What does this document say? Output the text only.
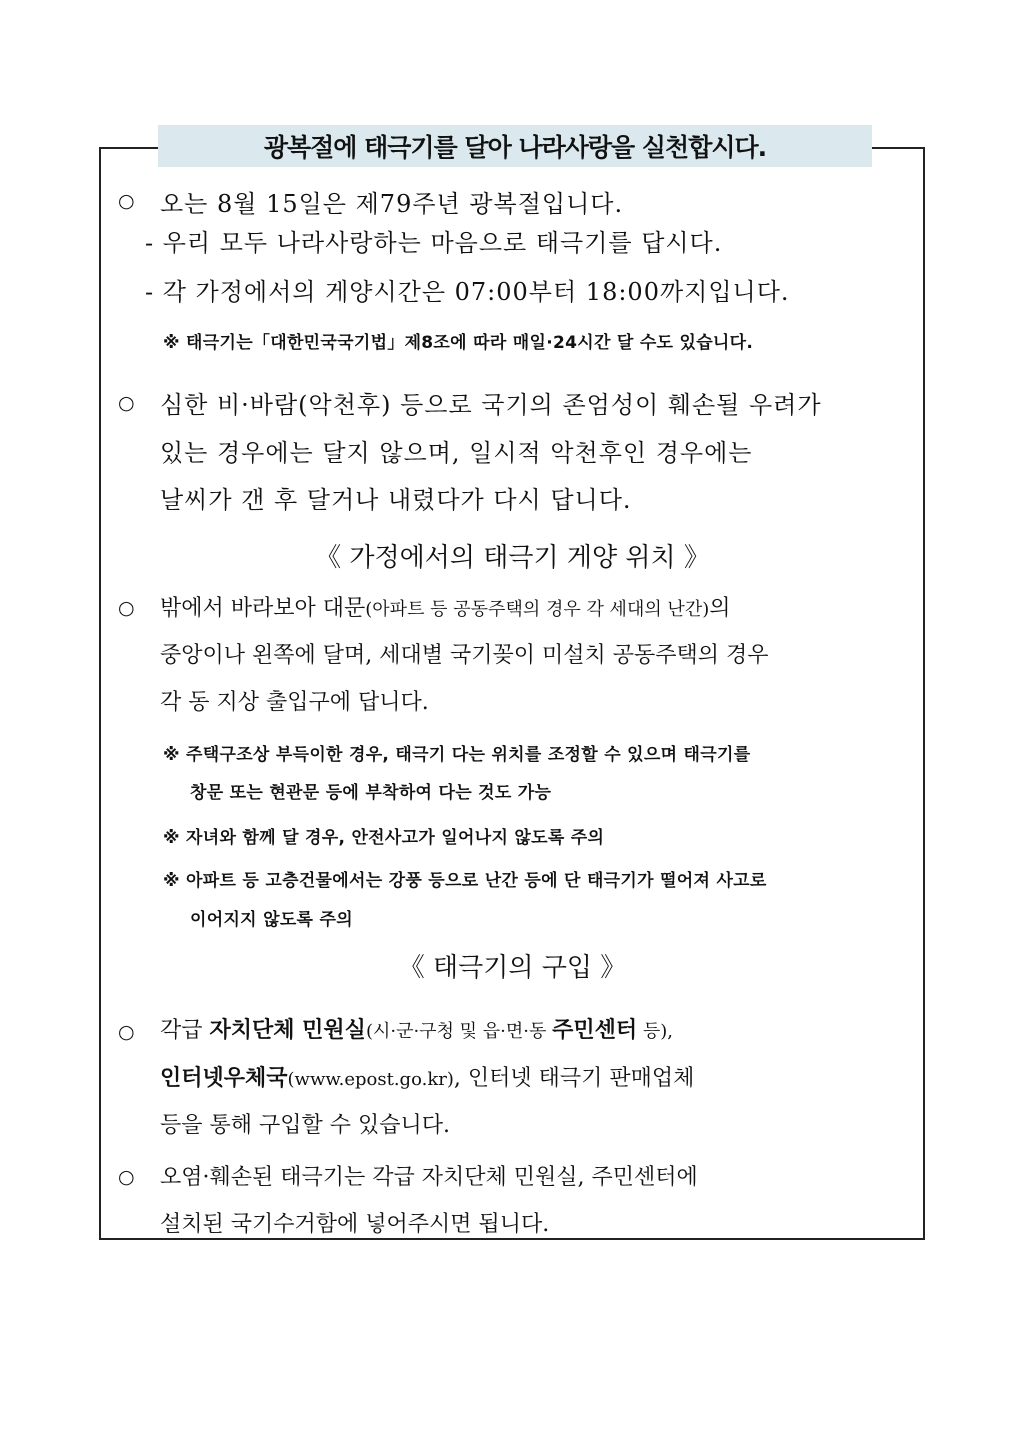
광복절에 태극기를 달아 나라사랑을 실천합시다.
○ 오는 8월 15일은 제79주년 광복절입니다.
- 우리 모두 나라사랑하는 마음으로 태극기를 답시다.
- 각 가정에서의 게양시간은 07:00부터 18:00까지입니다.
※ 태극기는「대한민국국기법」제8조에 따라 매일·24시간 달 수도 있습니다.
○ 심한 비·바람(악천후) 등으로 국기의 존엄성이 훼손될 우려가
있는 경우에는 달지 않으며, 일시적 악천후인 경우에는
날씨가 갠 후 달거나 내렸다가 다시 답니다.
《 가정에서의 태극기 게양 위치 》
○ 밖에서 바라보아 대문(아파트 등 공동주택의 경우 각 세대의 난간)의
중앙이나 왼쪽에 달며, 세대별 국기꽂이 미설치 공동주택의 경우
각 동 지상 출입구에 답니다.
※ 주택구조상 부득이한 경우, 태극기 다는 위치를 조정할 수 있으며 태극기를
창문 또는 현관문 등에 부착하여 다는 것도 가능
※ 자녀와 함께 달 경우, 안전사고가 일어나지 않도록 주의
※ 아파트 등 고층건물에서는 강풍 등으로 난간 등에 단 태극기가 떨어져 사고로
이어지지 않도록 주의
《 태극기의 구입 》
○ 각급 자치단체 민원실(시·군·구청 및 읍·면·동 주민센터 등),
인터넷우체국(www.epost.go.kr), 인터넷 태극기 판매업체
등을 통해 구입할 수 있습니다.
○ 오염·훼손된 태극기는 각급 자치단체 민원실, 주민센터에
설치된 국기수거함에 넣어주시면 됩니다.
